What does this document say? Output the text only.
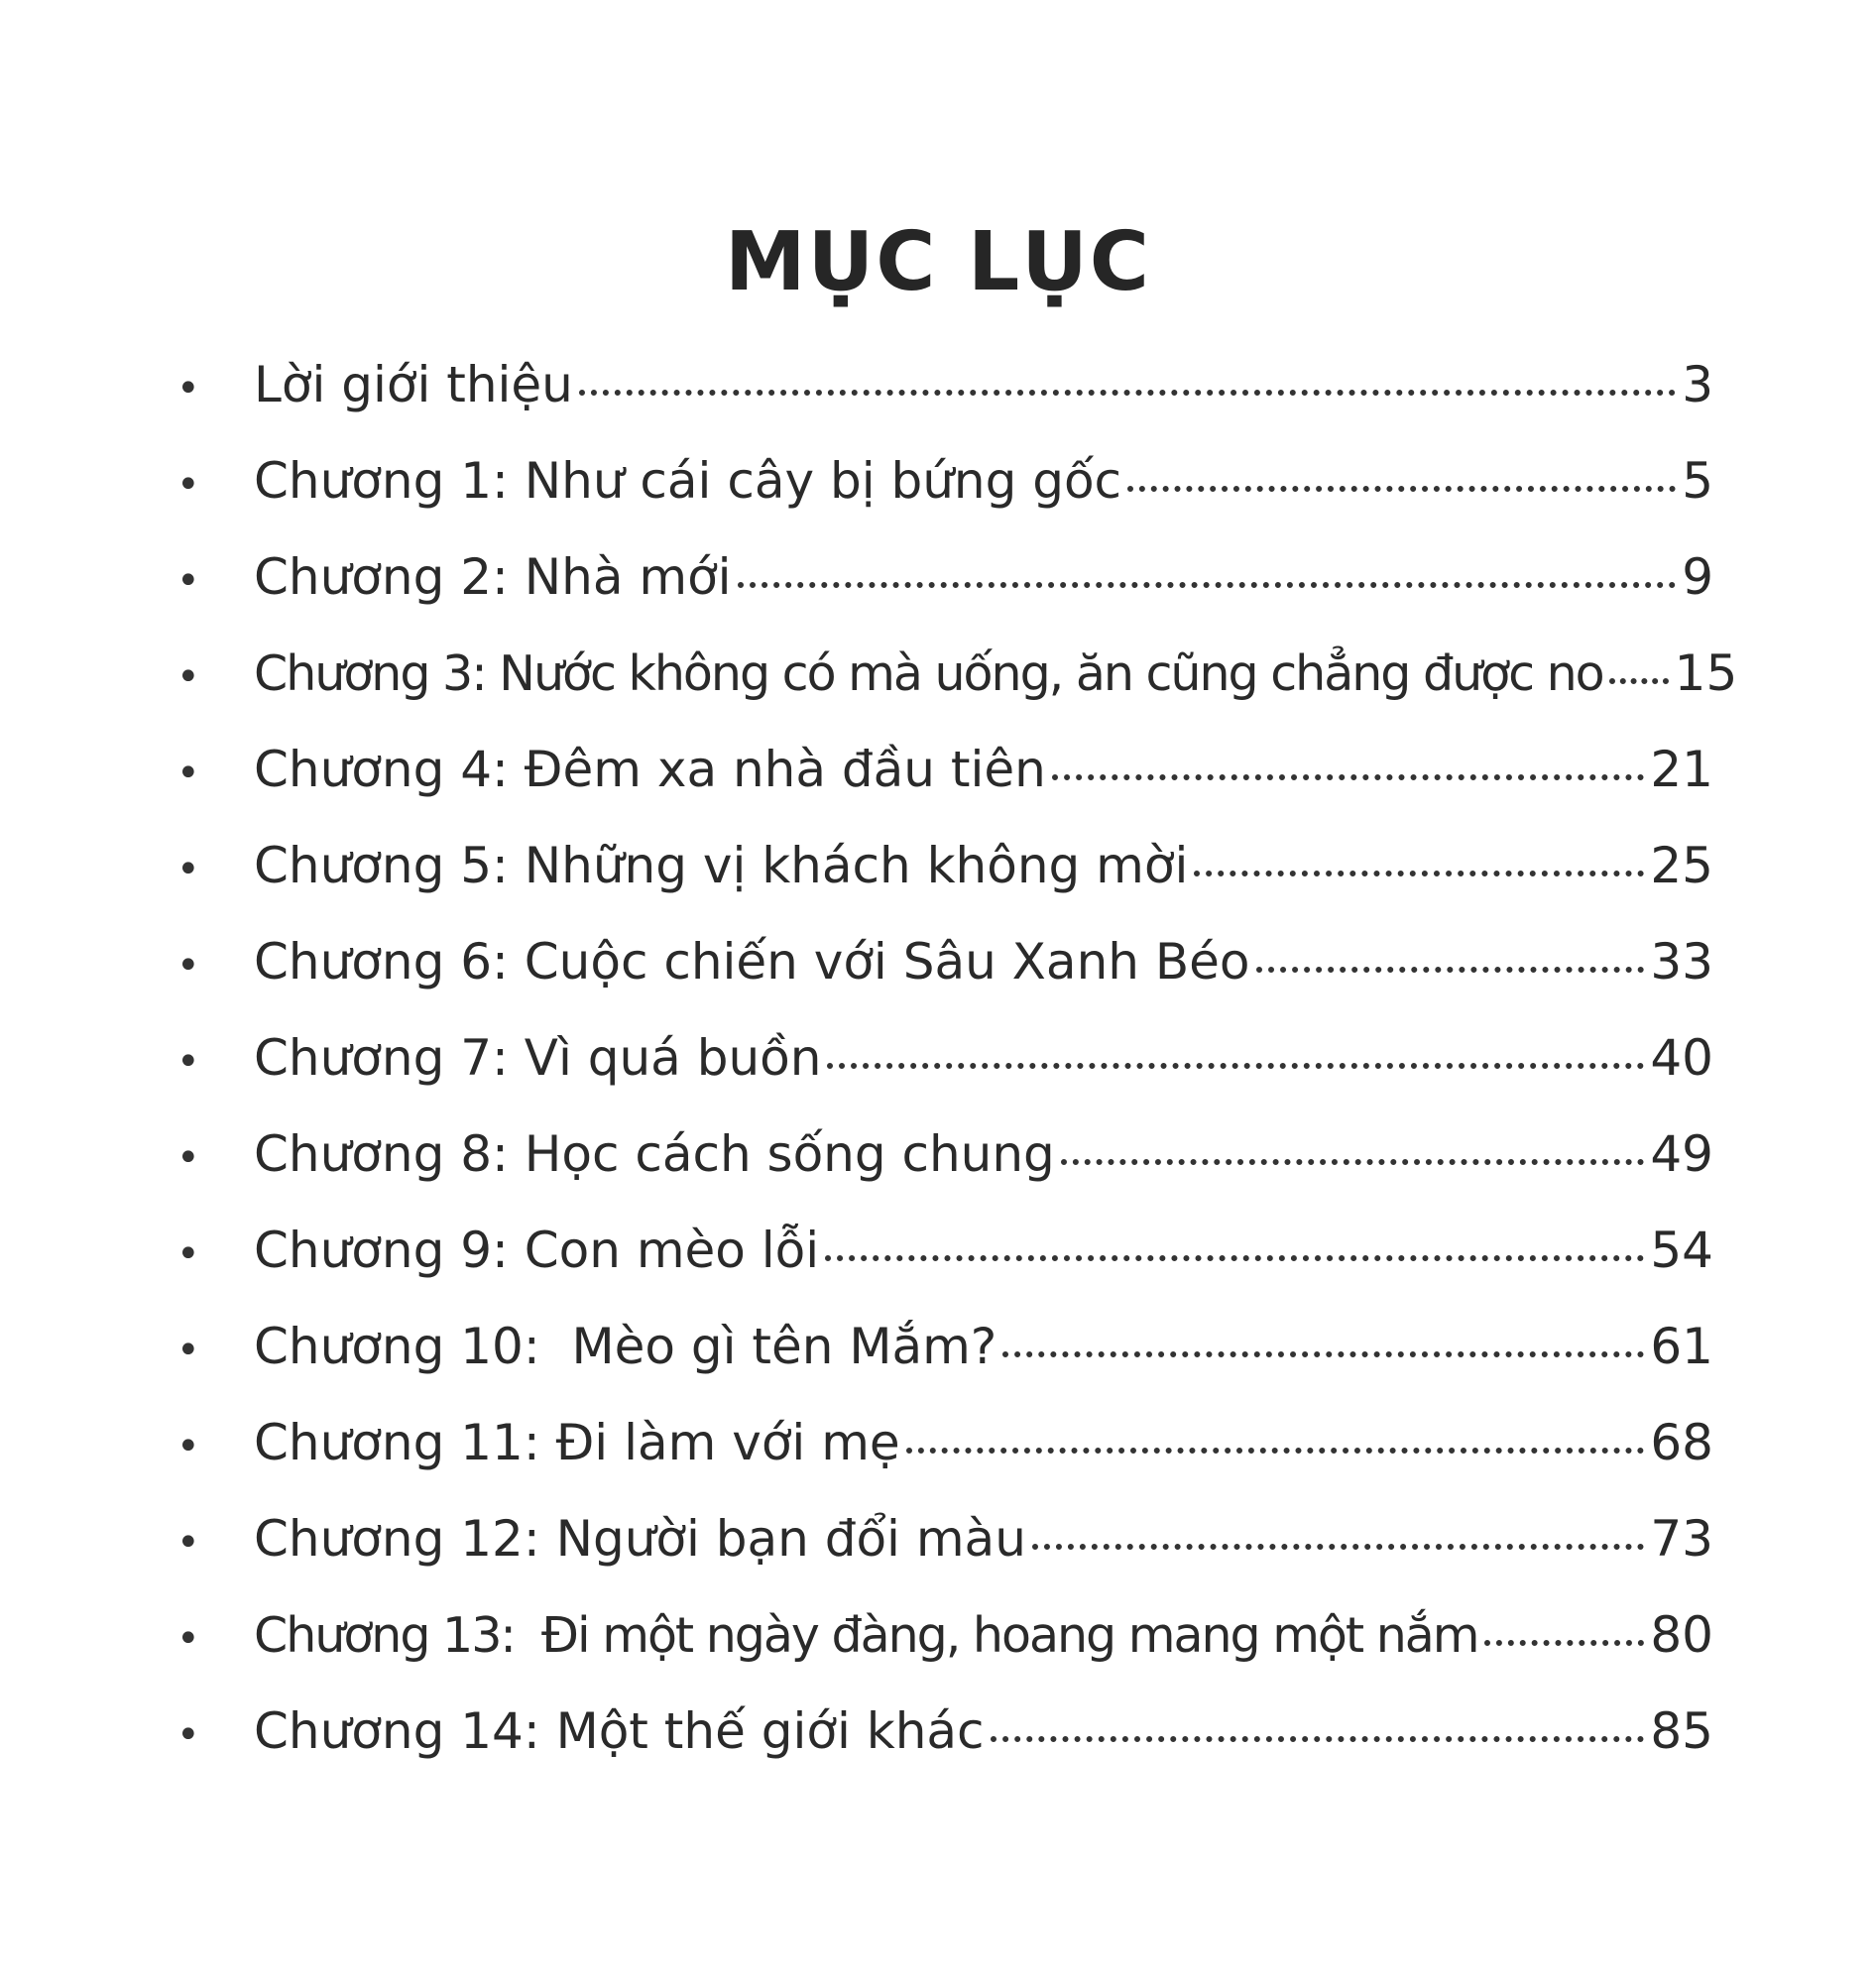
MỤC LỤC
•	Lời giới thiệu	3
•	Chương 1: Như cái cây bị bứng gốc	5
•	Chương 2: Nhà mới	9
•	Chương 3: Nước không có mà uống, ăn cũng chẳng được no 15
•	Chương 4: Đêm xa nhà đầu tiên	21
•	Chương 5: Những vị khách không mời	25
•	Chương 6: Cuộc chiến với Sâu Xanh Béo	33
•	Chương 7: Vì quá buồn	40
•	Chương 8: Học cách sống chung	49
•	Chương 9: Con mèo lỗi	54
•	Chương 10:  Mèo gì tên Mắm?	61
•	Chương 11: Đi làm với mẹ	68
•	Chương 12: Người bạn đổi màu	73
•	Chương 13:  Đi một ngày đàng, hoang mang một nắm	80
•	Chương 14: Một thế giới khác	85
